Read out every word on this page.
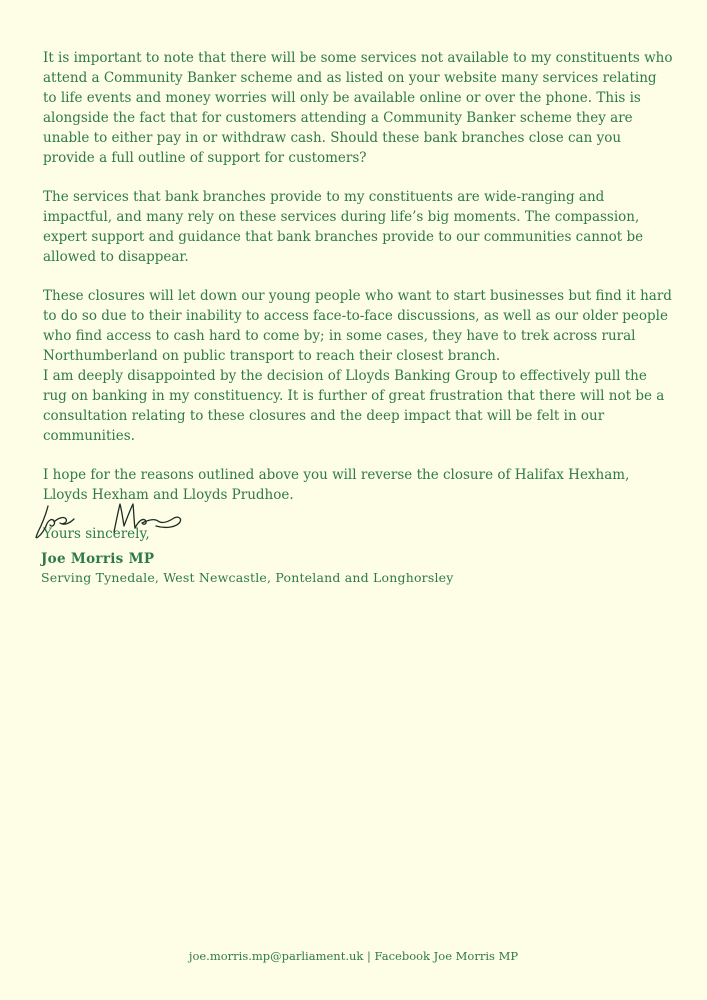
It is important to note that there will be some services not available to my constituents who attend a Community Banker scheme and as listed on your website many services relating to life events and money worries will only be available online or over the phone. This is alongside the fact that for customers attending a Community Banker scheme they are unable to either pay in or withdraw cash. Should these bank branches close can you provide a full outline of support for customers?

The services that bank branches provide to my constituents are wide-ranging and impactful, and many rely on these services during life’s big moments. The compassion, expert support and guidance that bank branches provide to our communities cannot be allowed to disappear.

These closures will let down our young people who want to start businesses but find it hard to do so due to their inability to access face-to-face discussions, as well as our older people who find access to cash hard to come by; in some cases, they have to trek across rural Northumberland on public transport to reach their closest branch.

I am deeply disappointed by the decision of Lloyds Banking Group to effectively pull the rug on banking in my constituency. It is further of great frustration that there will not be a consultation relating to these closures and the deep impact that will be felt in our communities.

I hope for the reasons outlined above you will reverse the closure of Halifax Hexham, Lloyds Hexham and Lloyds Prudhoe.

Yours sincerely,

Joe Morris MP
Serving Tynedale, West Newcastle, Ponteland and Longhorsley
joe.morris.mp@parliament.uk | Facebook Joe Morris MP
